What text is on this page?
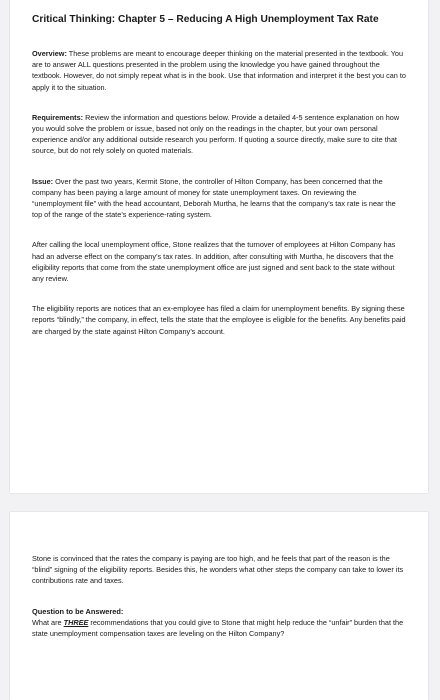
Critical Thinking: Chapter 5 – Reducing A High Unemployment Tax Rate

Overview: These problems are meant to encourage deeper thinking on the material presented in the textbook. You are to answer ALL questions presented in the problem using the knowledge you have gained throughout the textbook. However, do not simply repeat what is in the book. Use that information and interpret it the best you can to apply it to the situation.

Requirements: Review the information and questions below. Provide a detailed 4-5 sentence explanation on how you would solve the problem or issue, based not only on the readings in the chapter, but your own personal experience and/or any additional outside research you perform. If quoting a source directly, make sure to cite that source, but do not rely solely on quoted materials.

Issue: Over the past two years, Kermit Stone, the controller of Hilton Company, has been concerned that the company has been paying a large amount of money for state unemployment taxes. On reviewing the “unemployment file” with the head accountant, Deborah Murtha, he learns that the company’s tax rate is near the top of the range of the state’s experience-rating system.

After calling the local unemployment office, Stone realizes that the turnover of employees at Hilton Company has had an adverse effect on the company’s tax rates. In addition, after consulting with Murtha, he discovers that the eligibility reports that come from the state unemployment office are just signed and sent back to the state without any review.

The eligibility reports are notices that an ex-employee has filed a claim for unemployment benefits. By signing these reports “blindly,” the company, in effect, tells the state that the employee is eligible for the benefits. Any benefits paid are charged by the state against Hilton Company’s account.

Stone is convinced that the rates the company is paying are too high, and he feels that part of the reason is the “blind” signing of the eligibility reports. Besides this, he wonders what other steps the company can take to lower its contributions rate and taxes.

Question to be Answered:

What are THREE recommendations that you could give to Stone that might help reduce the “unfair” burden that the state unemployment compensation taxes are leveling on the Hilton Company?
